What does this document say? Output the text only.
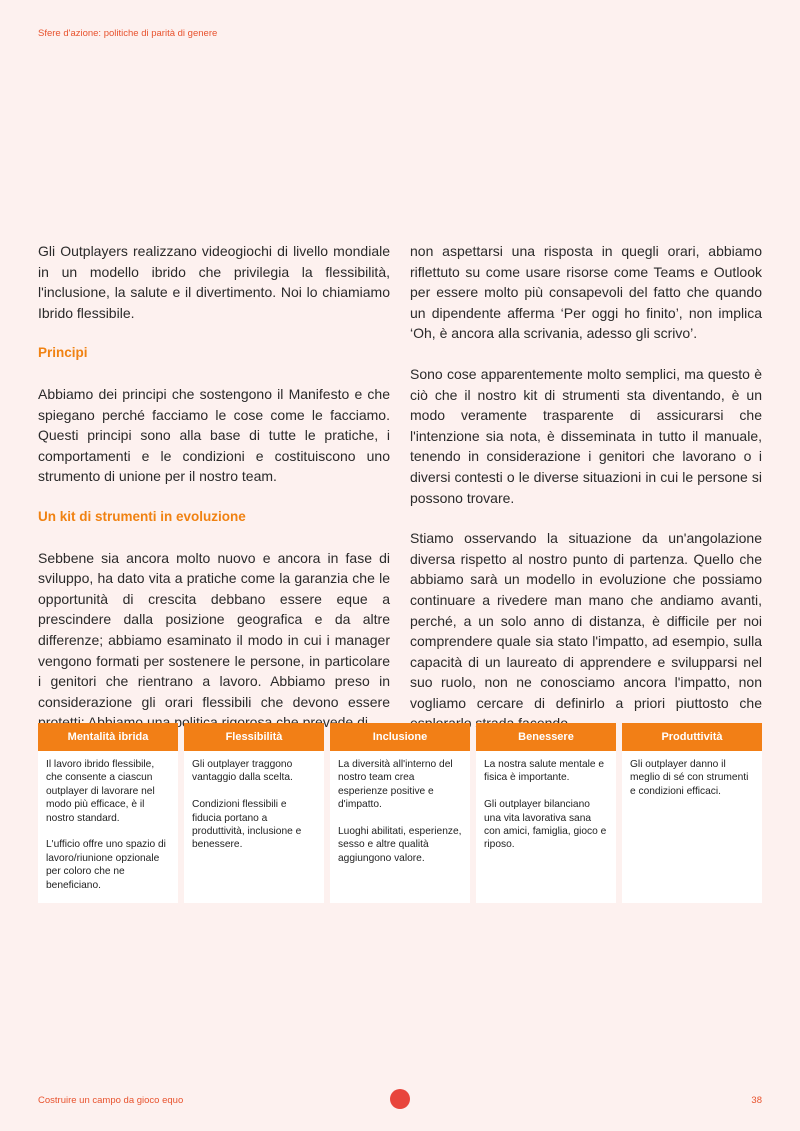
Sfere d'azione: politiche di parità di genere

Gli Outplayers realizzano videogiochi di livello mondiale in un modello ibrido che privilegia la flessibilità, l'inclusione, la salute e il divertimento. Noi lo chiamiamo Ibrido flessibile.

Principi

Abbiamo dei principi che sostengono il Manifesto e che spiegano perché facciamo le cose come le facciamo. Questi principi sono alla base di tutte le pratiche, i comportamenti e le condizioni e costituiscono uno strumento di unione per il nostro team.

Un kit di strumenti in evoluzione

Sebbene sia ancora molto nuovo e ancora in fase di sviluppo, ha dato vita a pratiche come la garanzia che le opportunità di crescita debbano essere eque a prescindere dalla posizione geografica e da altre differenze; abbiamo esaminato il modo in cui i manager vengono formati per sostenere le persone, in particolare i genitori che rientrano a lavoro. Abbiamo preso in considerazione gli orari flessibili che devono essere prevede

non aspettarsi una risposta in quegli orari, abbiamo riflettuto su come usare risorse come Teams e Outlook per essere molto più consapevoli del fatto che quando un dipendente afferma ‘Per oggi ho finito’, non implica ‘Oh, è ancora alla scrivania, adesso gli scrivo’.

Sono cose apparentemente molto semplici, ma questo è ciò che il nostro kit di strumenti sta diventando, è un modo veramente trasparente di assicurarsi che l'intenzione sia nota, è disseminata in tutto il manuale, tenendo in considerazione i genitori che lavorano o i diversi contesti o le diverse situazioni in cui le persone si possono trovare.

Stiamo osservando la situazione da un'angolazione diversa rispetto al nostro punto di partenza. Quello che abbiamo sarà un modello in evoluzione che possiamo continuare a rivedere man mano che andiamo avanti, perché, a un solo anno di distanza, è difficile per noi comprendere quale sia stato l'impatto, ad esempio, sulla capacità di un laureato di apprendere e svilupparsi nel suo ruolo, non ne conosciamo ancora l'impatto, non vogliamo cercare di definirlo a priori piuttosto che

Mentalità ibrida

Il lavoro ibrido flessibile, che consente a ciascun outplayer di lavorare nel modo più efficace, è il nostro standard.

L'ufficio offre uno spazio di lavoro/riunione opzionale per coloro che ne beneficiano.

Flessibilità

Gli outplayer traggono vantaggio dalla scelta.

Condizioni flessibili e fiducia portano a produttività, inclusione e benessere.

Inclusione

La diversità all'interno del nostro team crea esperienze positive e d'impatto.

Luoghi abilitati, esperienze, sesso e altre qualità aggiungono valore.

Benessere

La nostra salute mentale e fisica è importante.

Gli outplayer bilanciano una vita lavorativa sana con amici, famiglia, gioco e riposo.

Produttività

Gli outplayer danno il meglio di sé con strumenti e condizioni efficaci.

Costruire un campo da gioco equo	38
